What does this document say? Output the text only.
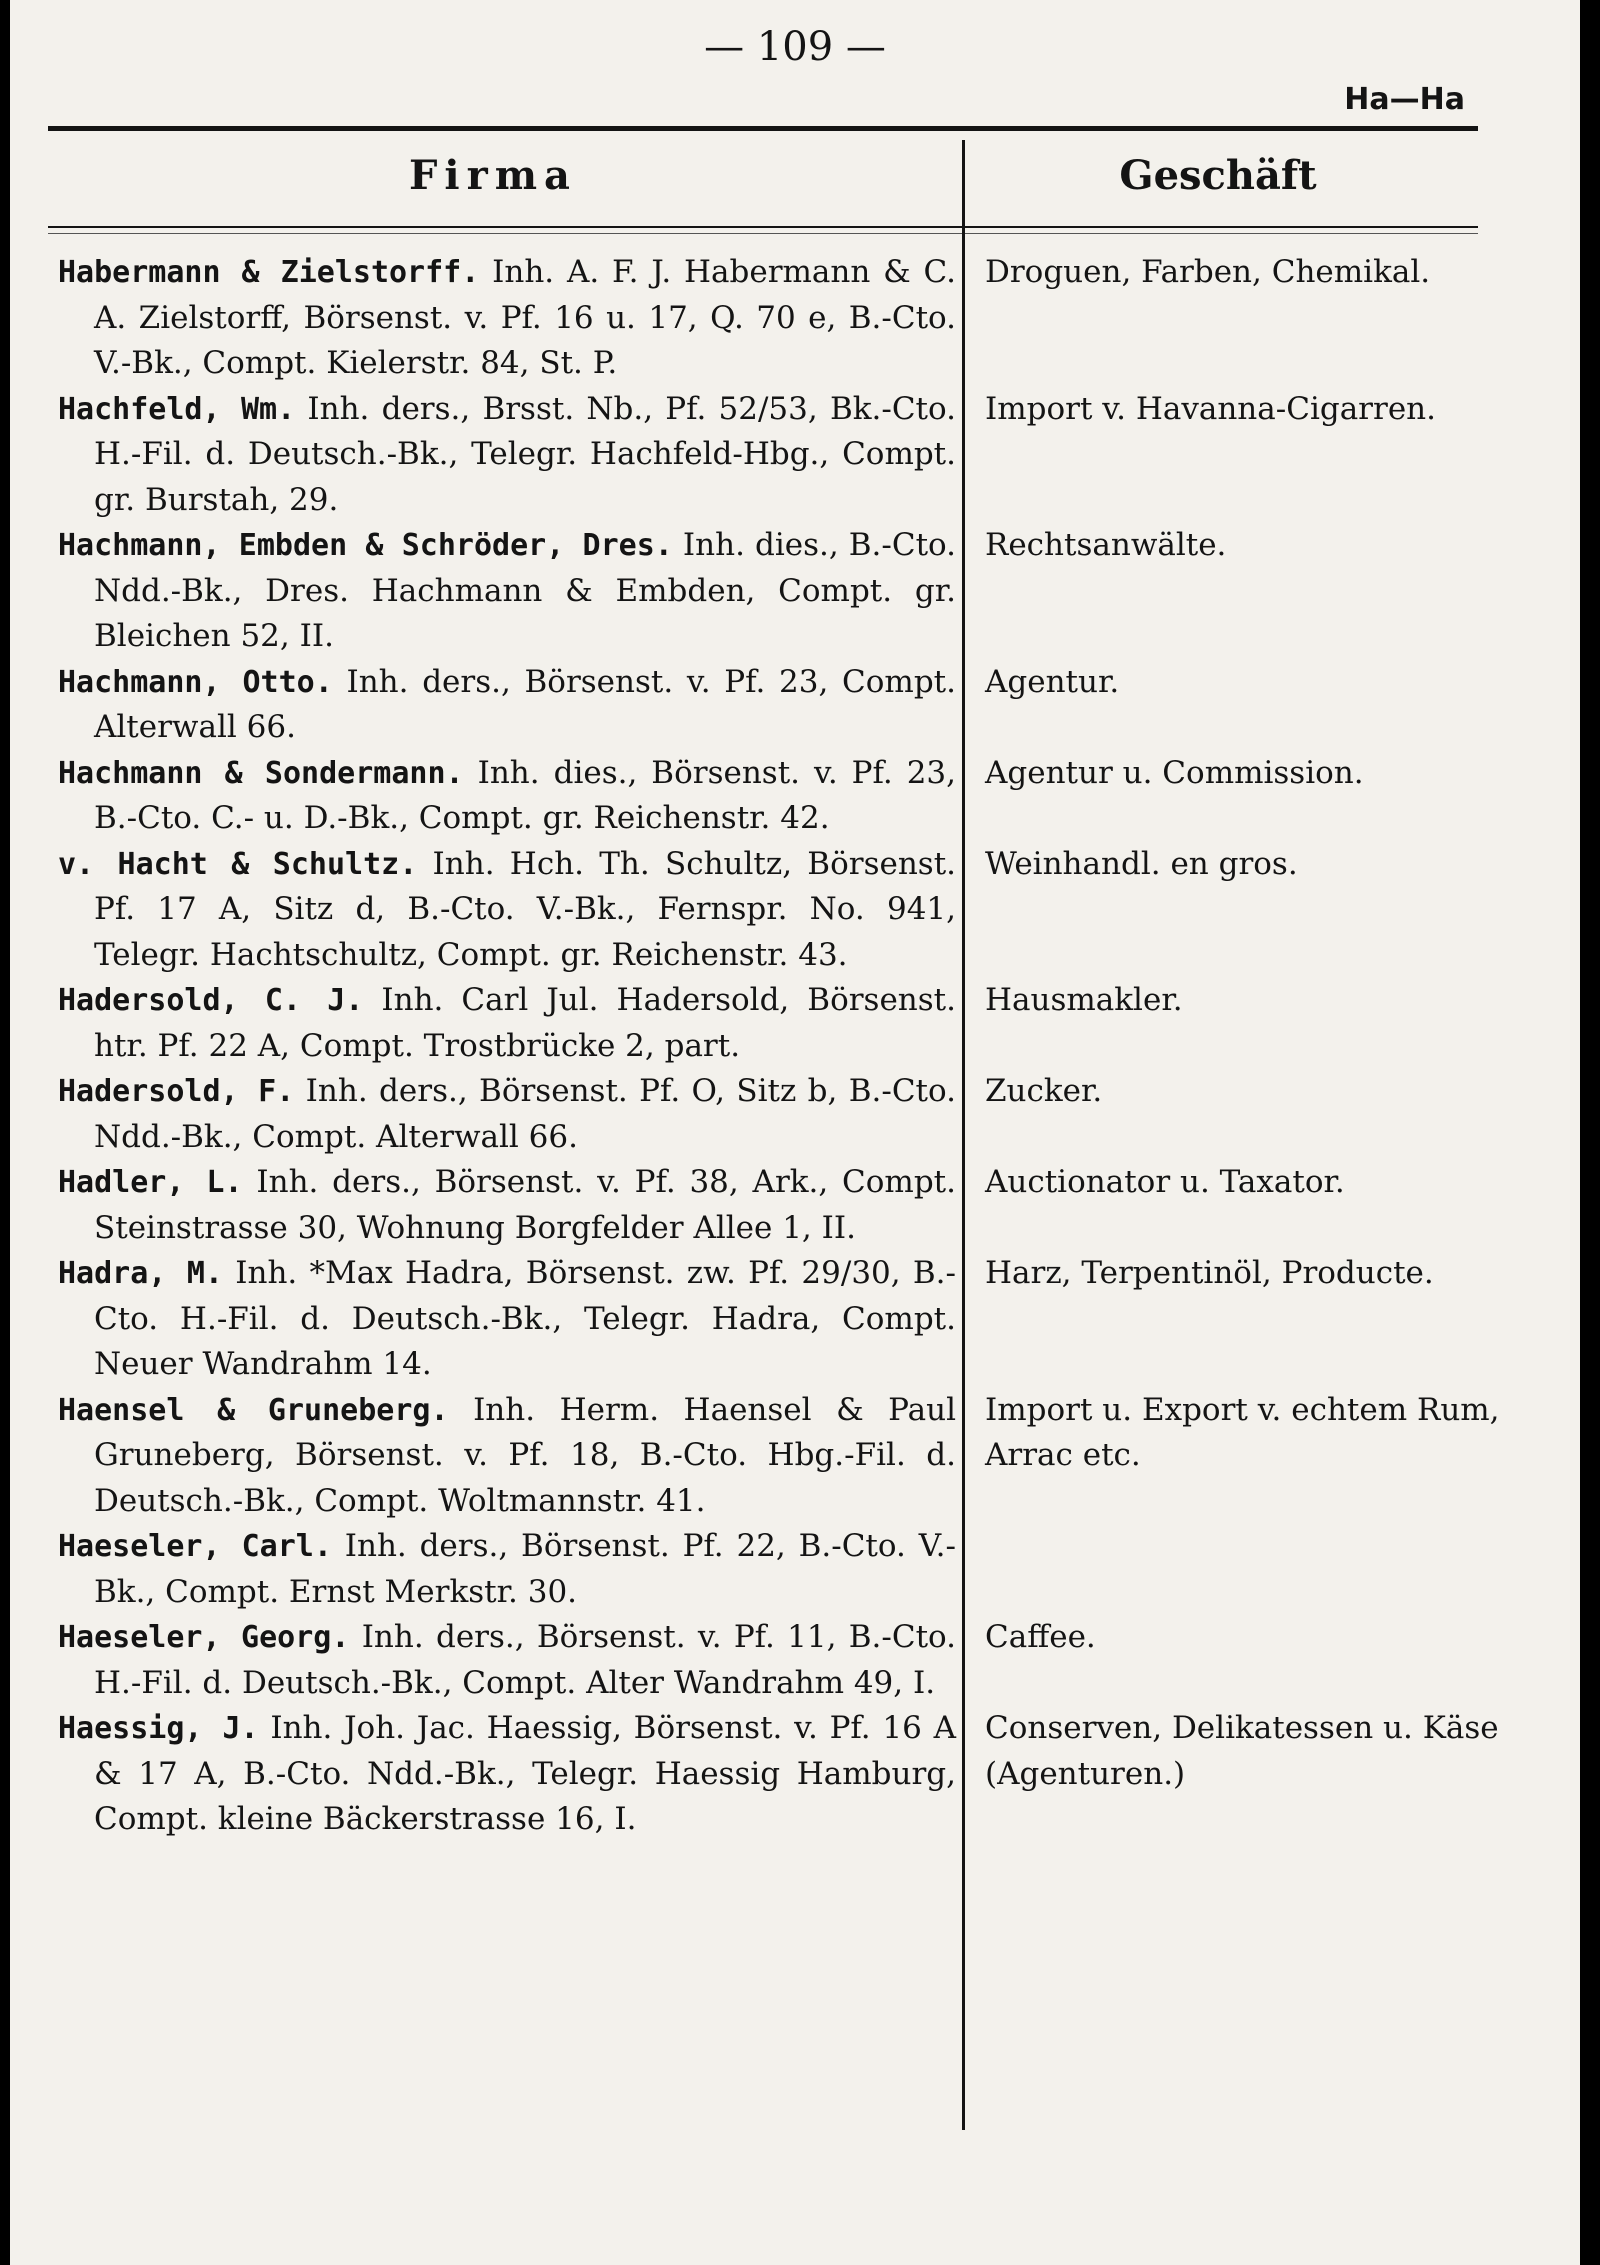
— 109 —
Ha—Ha
Firma	Geschäft
Habermann & Zielstorff. Inh. A. F. J. Habermann & C. A. Zielstorff, Börsenst. v. Pf. 16 u. 17, Q. 70 e, B.-Cto. V.-Bk., Compt. Kielerstr. 84, St. P.
Droguen, Farben, Chemikal.
Hachfeld, Wm. Inh. ders., Brsst. Nb., Pf. 52/53, Bk.-Cto. H.-Fil. d. Deutsch.-Bk., Telegr. Hachfeld-Hbg., Compt. gr. Burstah, 29.
Import v. Havanna-Cigarren.
Hachmann, Embden & Schröder, Dres. Inh. dies., B.-Cto. Ndd.-Bk., Dres. Hachmann & Embden, Compt. gr. Bleichen 52, II.
Rechtsanwälte.
Hachmann, Otto. Inh. ders., Börsenst. v. Pf. 23, Compt. Alterwall 66.
Agentur.
Hachmann & Sondermann. Inh. dies., Börsenst. v. Pf. 23, B.-Cto. C.- u. D.-Bk., Compt. gr. Reichenstr. 42.
Agentur u. Commission.
v. Hacht & Schultz. Inh. Hch. Th. Schultz, Börsenst. Pf. 17 A, Sitz d, B.-Cto. V.-Bk., Fernspr. No. 941, Telegr. Hachtschultz, Compt. gr. Reichenstr. 43.
Weinhandl. en gros.
Hadersold, C. J. Inh. Carl Jul. Hadersold, Börsenst. htr. Pf. 22 A, Compt. Trostbrücke 2, part.
Hausmakler.
Hadersold, F. Inh. ders., Börsenst. Pf. O, Sitz b, B.-Cto. Ndd.-Bk., Compt. Alterwall 66.
Zucker.
Hadler, L. Inh. ders., Börsenst. v. Pf. 38, Ark., Compt. Steinstrasse 30, Wohnung Borgfelder Allee 1, II.
Auctionator u. Taxator.
Hadra, M. Inh. *Max Hadra, Börsenst. zw. Pf. 29/30, B.-Cto. H.-Fil. d. Deutsch.-Bk., Telegr. Hadra, Compt. Neuer Wandrahm 14.
Harz, Terpentinöl, Producte.
Haensel & Gruneberg. Inh. Herm. Haensel & Paul Gruneberg, Börsenst. v. Pf. 18, B.-Cto. Hbg.-Fil. d. Deutsch.-Bk., Compt. Woltmannstr. 41.
Import u. Export v. echtem Rum, Arrac etc.
Haeseler, Carl. Inh. ders., Börsenst. Pf. 22, B.-Cto. V.-Bk., Compt. Ernst Merkstr. 30.
Haeseler, Georg. Inh. ders., Börsenst. v. Pf. 11, B.-Cto. H.-Fil. d. Deutsch.-Bk., Compt. Alter Wandrahm 49, I.
Caffee.
Haessig, J. Inh. Joh. Jac. Haessig, Börsenst. v. Pf. 16 A & 17 A, B.-Cto. Ndd.-Bk., Telegr. Haessig Hamburg, Compt. kleine Bäckerstrasse 16, I.
Conserven, Delikatessen u. Käse (Agenturen.)
